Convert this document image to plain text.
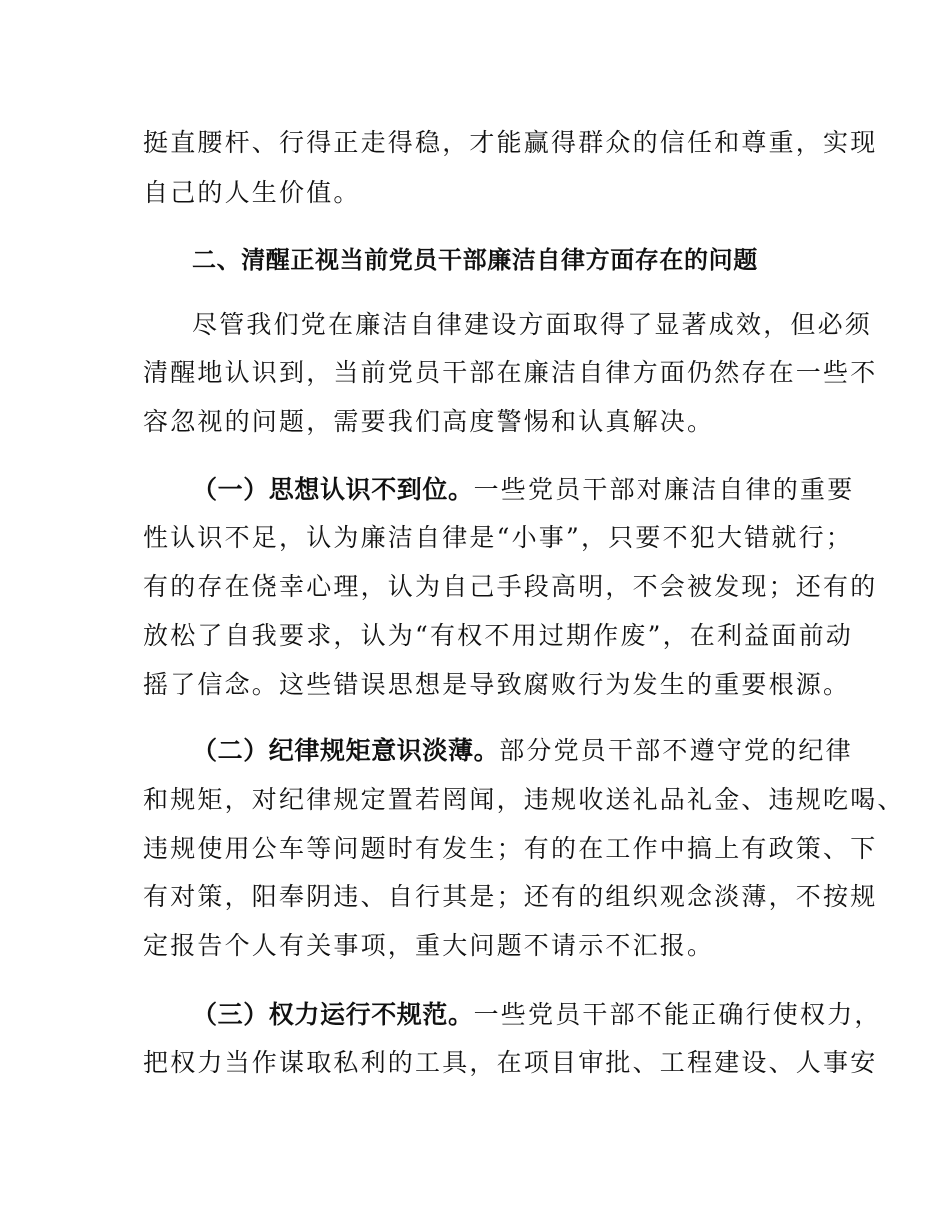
挺直腰杆、行得正走得稳，才能赢得群众的信任和尊重，实现
自己的人生价值。
二、清醒正视当前党员干部廉洁自律方面存在的问题
尽管我们党在廉洁自律建设方面取得了显著成效，但必须
清醒地认识到，当前党员干部在廉洁自律方面仍然存在一些不
容忽视的问题，需要我们高度警惕和认真解决。
（一）思想认识不到位。一些党员干部对廉洁自律的重要
性认识不足，认为廉洁自律是“小事”，只要不犯大错就行；
有的存在侥幸心理，认为自己手段高明，不会被发现；还有的
放松了自我要求，认为“有权不用过期作废”，在利益面前动
摇了信念。这些错误思想是导致腐败行为发生的重要根源。
（二）纪律规矩意识淡薄。部分党员干部不遵守党的纪律
和规矩，对纪律规定置若罔闻，违规收送礼品礼金、违规吃喝、
违规使用公车等问题时有发生；有的在工作中搞上有政策、下
有对策，阳奉阴违、自行其是；还有的组织观念淡薄，不按规
定报告个人有关事项，重大问题不请示不汇报。
（三）权力运行不规范。一些党员干部不能正确行使权力，
把权力当作谋取私利的工具，在项目审批、工程建设、人事安
